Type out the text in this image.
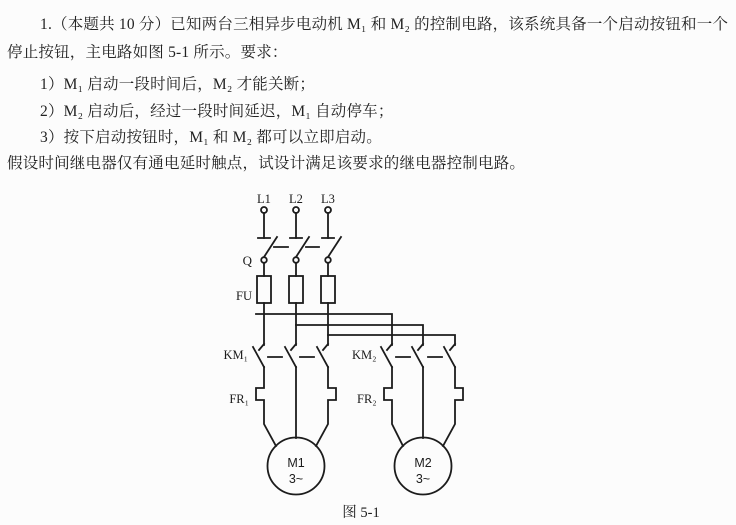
1.（本题共 10 分）已知两台三相异步电动机 M₁ 和 M₂ 的控制电路，该系统具备一个启动按钮和一个
停止按钮，主电路如图 5-1 所示。要求：
1）M₁ 启动一段时间后，M₂ 才能关断；
2）M₂ 启动后，经过一段时间延迟，M₁ 自动停车；
3）按下启动按钮时，M₁ 和 M₂ 都可以立即启动。
假设时间继电器仅有通电延时触点，试设计满足该要求的继电器控制电路。
L1 L2 L3
Q
FU
KM₁	KM₂
FR₁	FR₂
M1
3~
M2
3~
图 5-1
